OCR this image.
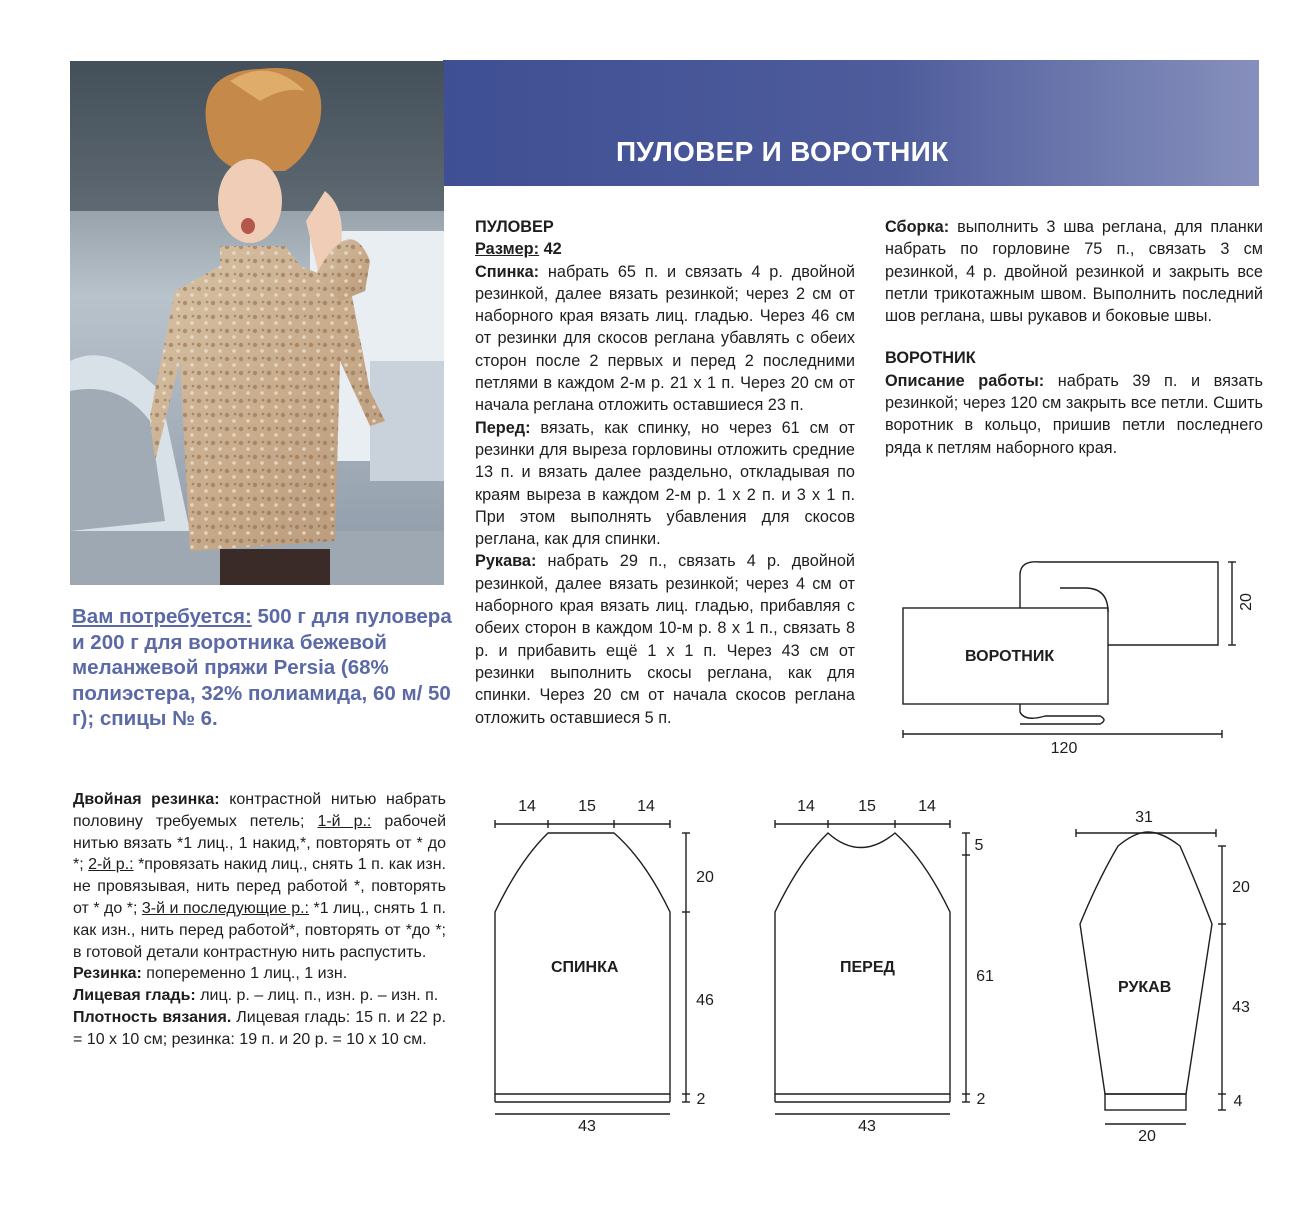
ПУЛОВЕР И ВОРОТНИК
Вам потребуется: 500 г для пуловера и 200 г для воротника бежевой меланжевой пряжи Persia (68% полиэстера, 32% полиамида, 60 м/ 50 г); спицы № 6.

Двойная резинка: контрастной нитью набрать половину требуемых петель; 1-й р.: рабочей нитью вязать *1 лиц., 1 накид,*, повторять от * до *; 2-й р.: *провязать накид лиц., снять 1 п. как изн. не провязывая, нить перед работой *, повторять от * до *; 3-й и последующие р.: *1 лиц., снять 1 п. как изн., нить перед работой*, повторять от *до *; в готовой детали контрастную нить распустить.

Резинка: попеременно 1 лиц., 1 изн.

Лицевая гладь: лиц. р. – лиц. п., изн. р. – изн. п.

Плотность вязания. Лицевая гладь: 15 п. и 22 р. = 10 х 10 см; резинка: 19 п. и 20 р. = 10 х 10 см.

ПУЛОВЕР

Размер: 42

Спинка: набрать 65 п. и связать 4 р. двойной резинкой, далее вязать резинкой; через 2 см от наборного края вязать лиц. гладью. Через 46 см от резинки для скосов реглана убавлять с обеих сторон после 2 первых и перед 2 последними петлями в каждом 2-м р. 21 х 1 п. Через 20 см от начала реглана отложить оставшиеся 23 п.

Перед: вязать, как спинку, но через 61 см от резинки для выреза горловины отложить средние 13 п. и вязать далее раздельно, откладывая по краям выреза в каждом 2-м р. 1 х 2 п. и 3 х 1 п. При этом выполнять убавления для скосов реглана, как для спинки.

Рукава: набрать 29 п., связать 4 р. двойной резинкой, далее вязать резинкой; через 4 см от наборного края вязать лиц. гладью, прибавляя с обеих сторон в каждом 10-м р. 8 х 1 п., связать 8 р. и прибавить ещё 1 х 1 п. Через 43 см от резинки выполнить скосы реглана, как для спинки. Через 20 см от начала скосов реглана отложить оставшиеся 5 п.

Сборка: выполнить 3 шва реглана, для планки набрать по горловине 75 п., связать 3 см резинкой, 4 р. двойной резинкой и закрыть все петли трикотажным швом. Выполнить последний шов реглана, швы рукавов и боковые швы.

ВОРОТНИК

Описание работы: набрать 39 п. и вязать резинкой; через 120 см закрыть все петли. Сшить воротник в кольцо, пришив петли последнего ряда к петлям наборного края.

ВОРОТНИК
120
20
СПИНКА
14	15	14
20
46
2
43
ПЕРЕД
14	15	14
5
61
2
43
РУКАВ
31
20
43
4
20
